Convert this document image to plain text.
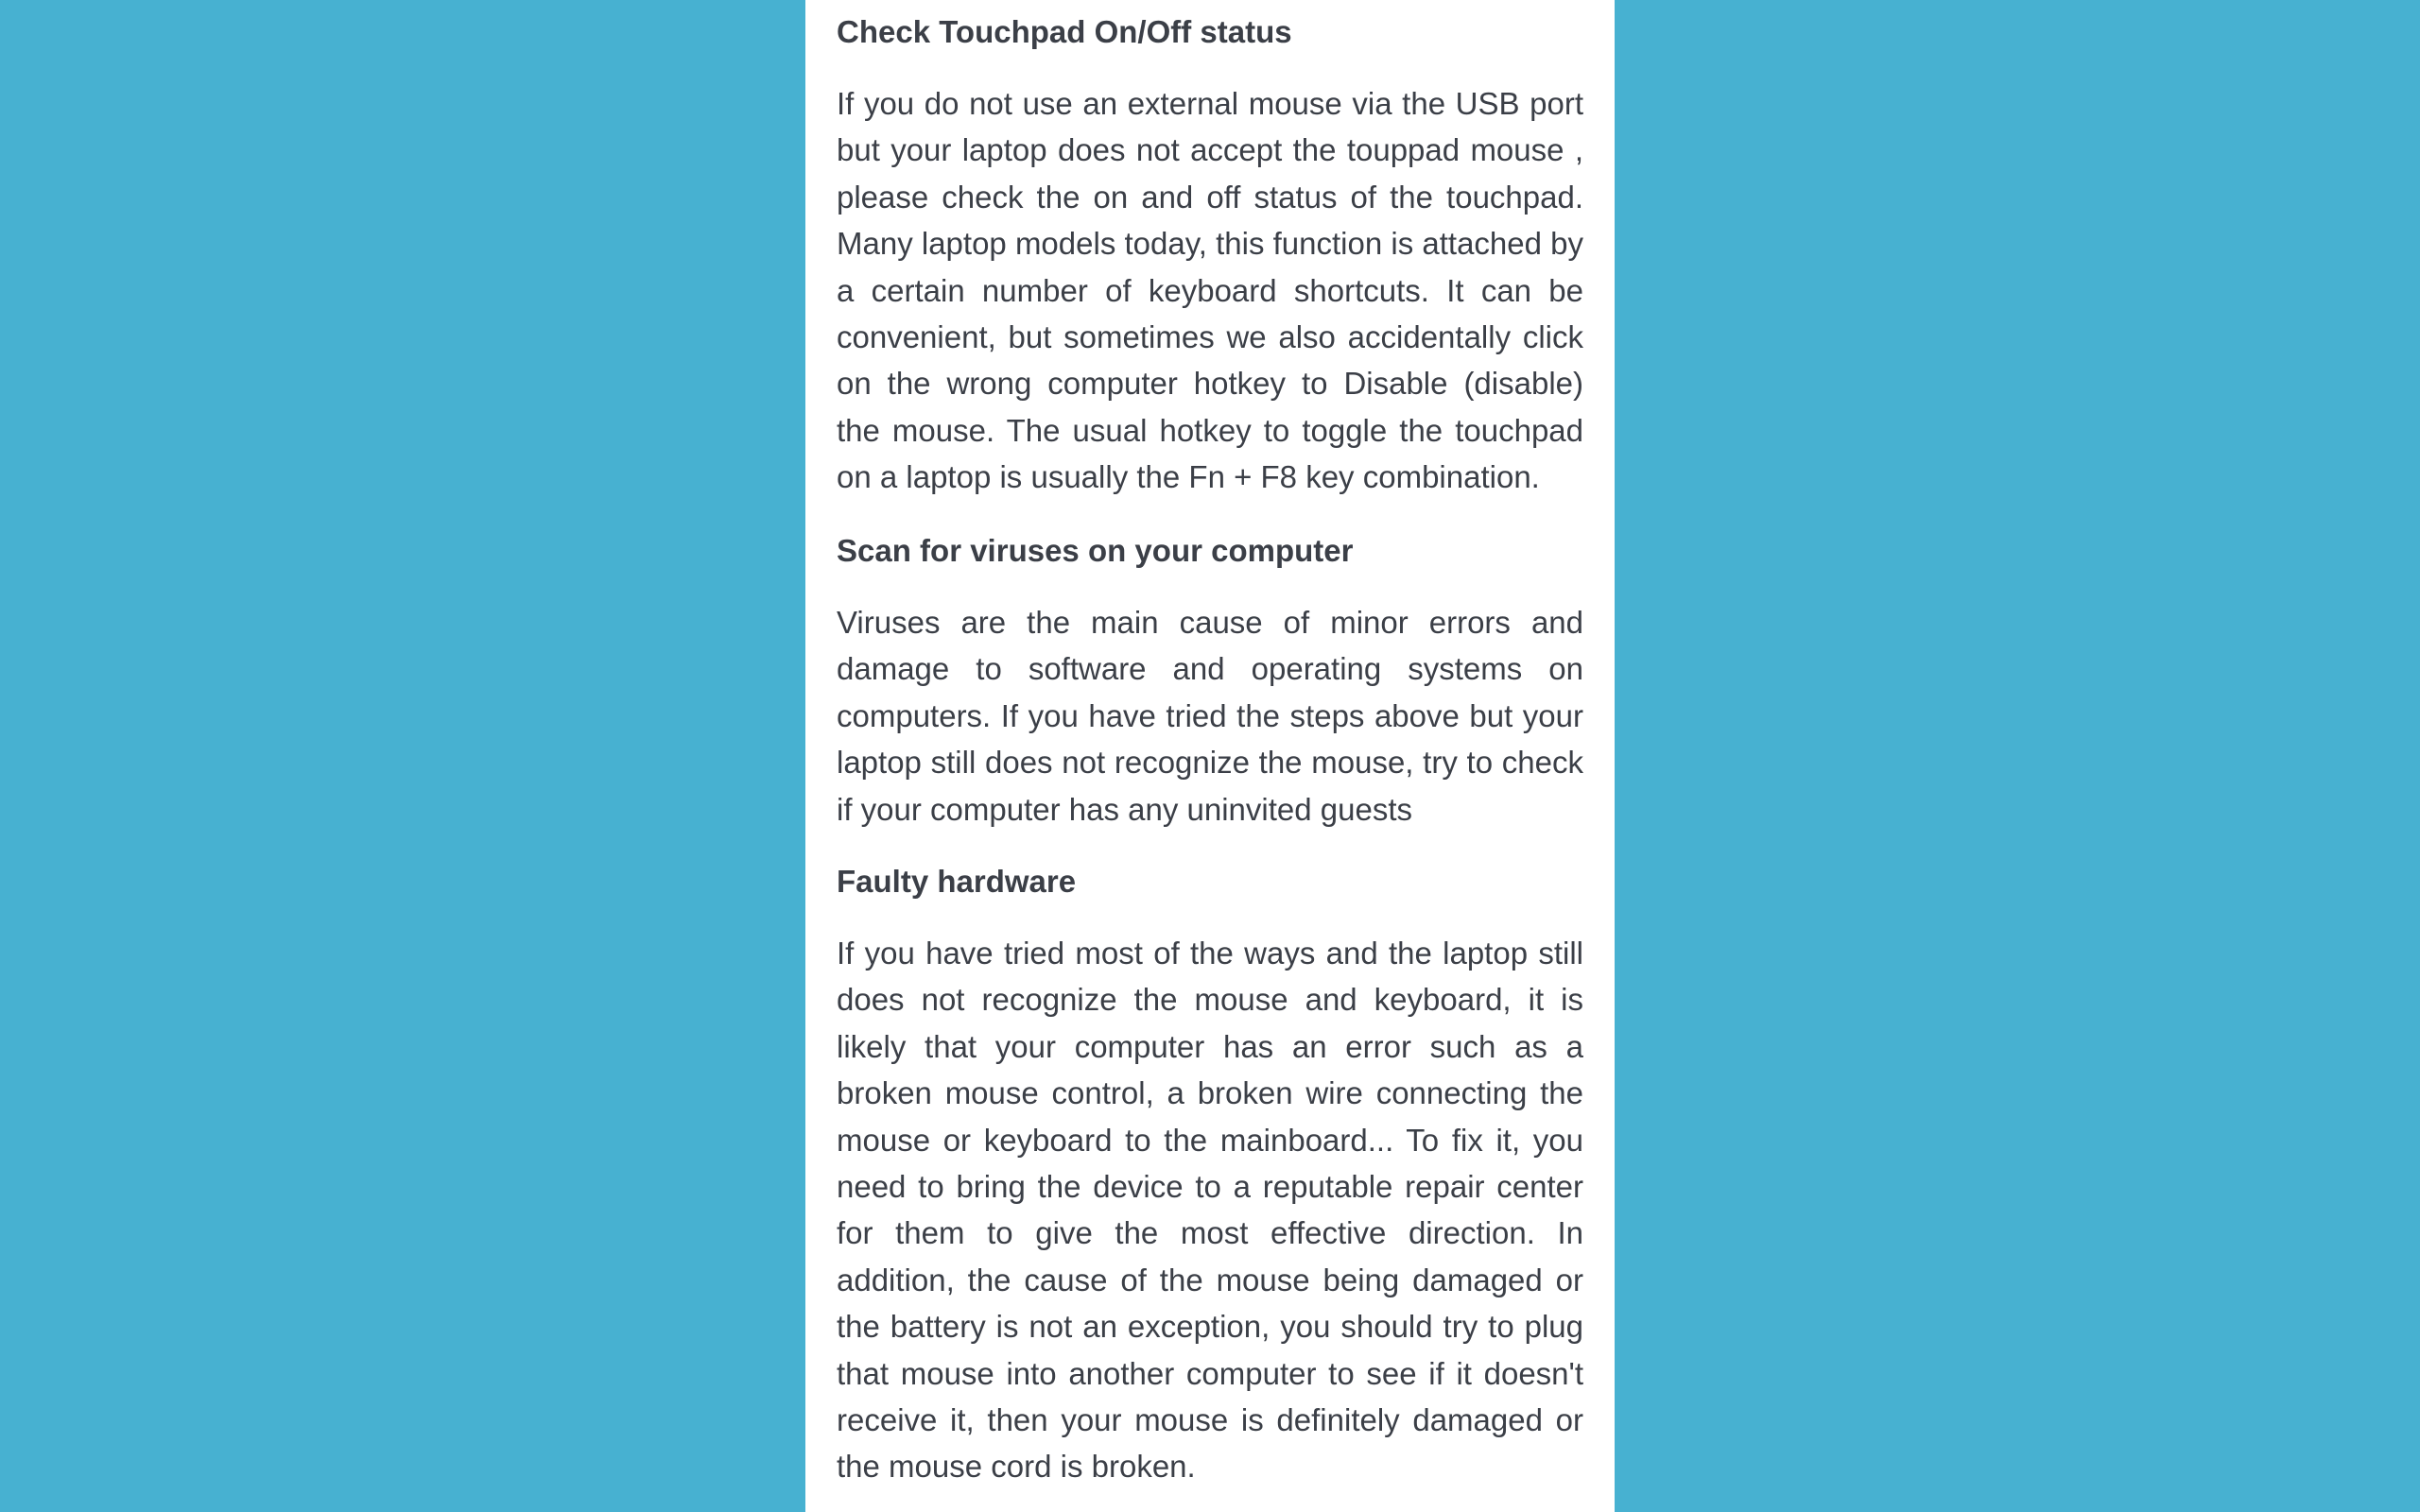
Check Touchpad On/Off status

If you do not use an external mouse via the USB port but your laptop does not accept the touppad mouse , please check the on and off status of the touchpad. Many laptop models today, this function is attached by a certain number of keyboard shortcuts. It can be convenient, but sometimes we also accidentally click on the wrong computer hotkey to Disable (disable) the mouse. The usual hotkey to toggle the touchpad on a laptop is usually the Fn + F8 key combination.

Scan for viruses on your computer

Viruses are the main cause of minor errors and damage to software and operating systems on computers. If you have tried the steps above but your laptop still does not recognize the mouse, try to check if your computer has any uninvited guests

Faulty hardware

If you have tried most of the ways and the laptop still does not recognize the mouse and keyboard, it is likely that your computer has an error such as a broken mouse control, a broken wire connecting the mouse or keyboard to the mainboard... To fix it, you need to bring the device to a reputable repair center for them to give the most effective direction. In addition, the cause of the mouse being damaged or the battery is not an exception, you should try to plug that mouse into another computer to see if it doesn't receive it, then your mouse is definitely damaged or the mouse cord is broken.
